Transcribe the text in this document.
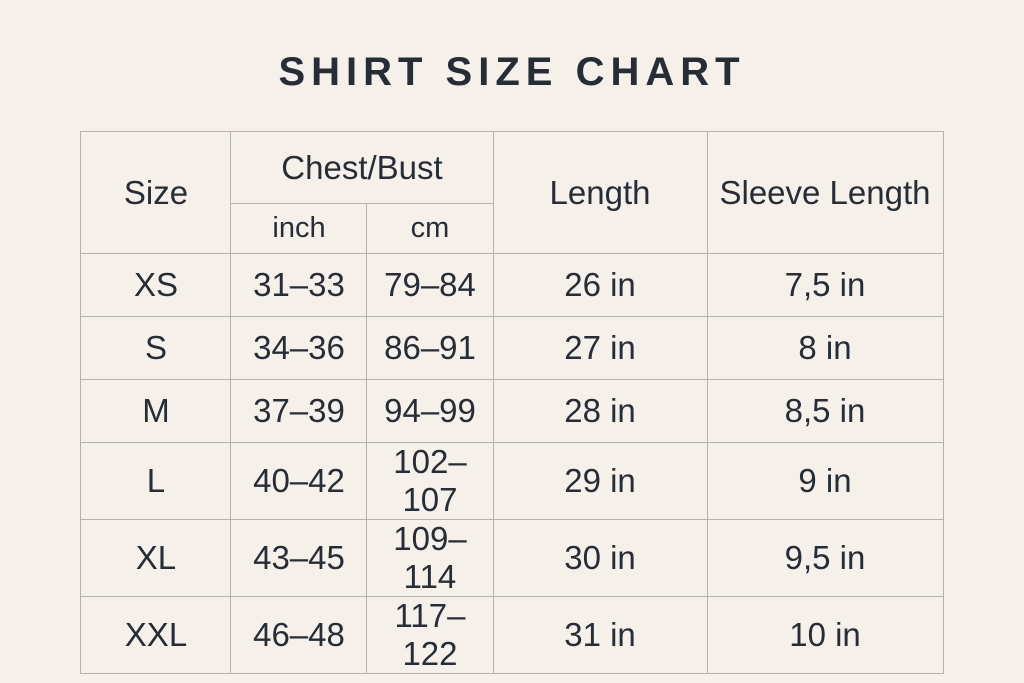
SHIRT SIZE CHART
Size	Chest/Bust		Length	Sleeve Length
	inch	cm		
XS	31–33	79–84	26 in	7,5 in
S	34–36	86–91	27 in	8 in
M	37–39	94–99	28 in	8,5 in
L	40–42	102–107	29 in	9 in
XL	43–45	109–114	30 in	9,5 in
XXL	46–48	117–122	31 in	10 in
